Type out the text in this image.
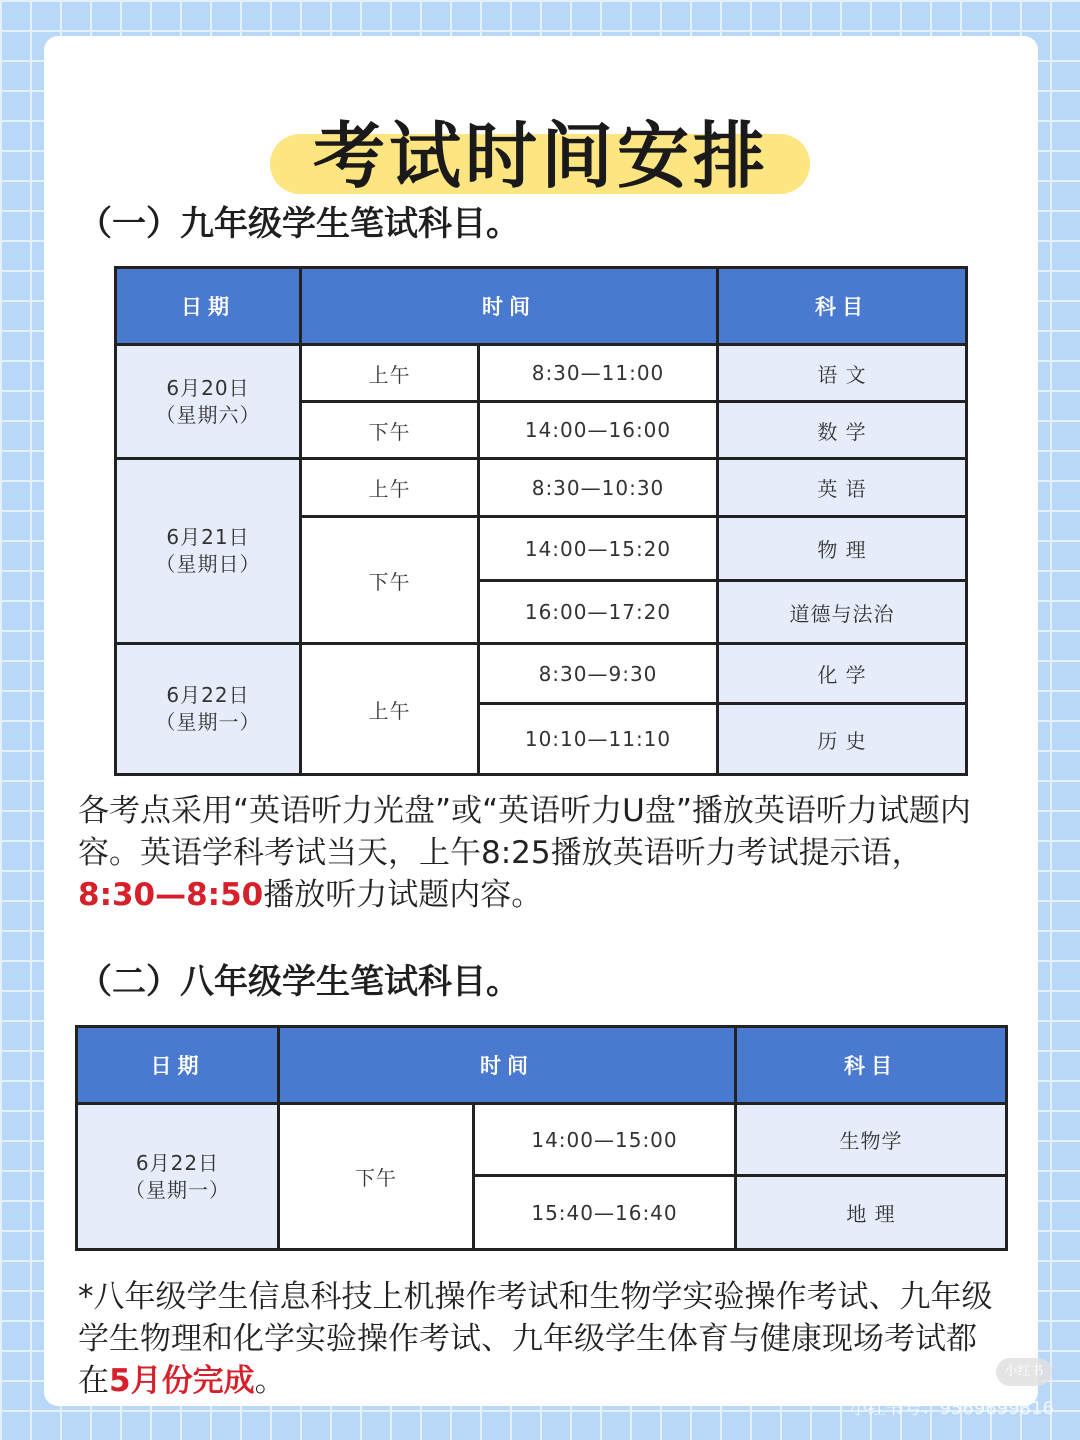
考试时间安排
（一）九年级学生笔试科目。
日期	时间		科目

6月20日
（星期六）	上午	8:30—11:00	语 文
	下午	14:00—16:00	数 学

6月21日
（星期日）	上午	8:30—10:30	英 语
	下午	14:00—15:20	物 理
		16:00—17:20	道德与法治

6月22日
（星期一）	上午	8:30—9:30	化 学
		10:10—11:10	历 史
各考点采用“英语听力光盘”或“英语听力U盘”播放英语听力试题内容。英语学科考试当天，上午8:25播放英语听力考试提示语，8:30—8:50播放听力试题内容。
（二）八年级学生笔试科目。
日期	时间		科目

6月22日
（星期一）	下午	14:00—15:00	生物学
		15:40—16:40	地 理
*八年级学生信息科技上机操作考试和生物学实验操作考试、九年级学生物理和化学实验操作考试、九年级学生体育与健康现场考试都在5月份完成。	小红书
小红书号：9569699816
